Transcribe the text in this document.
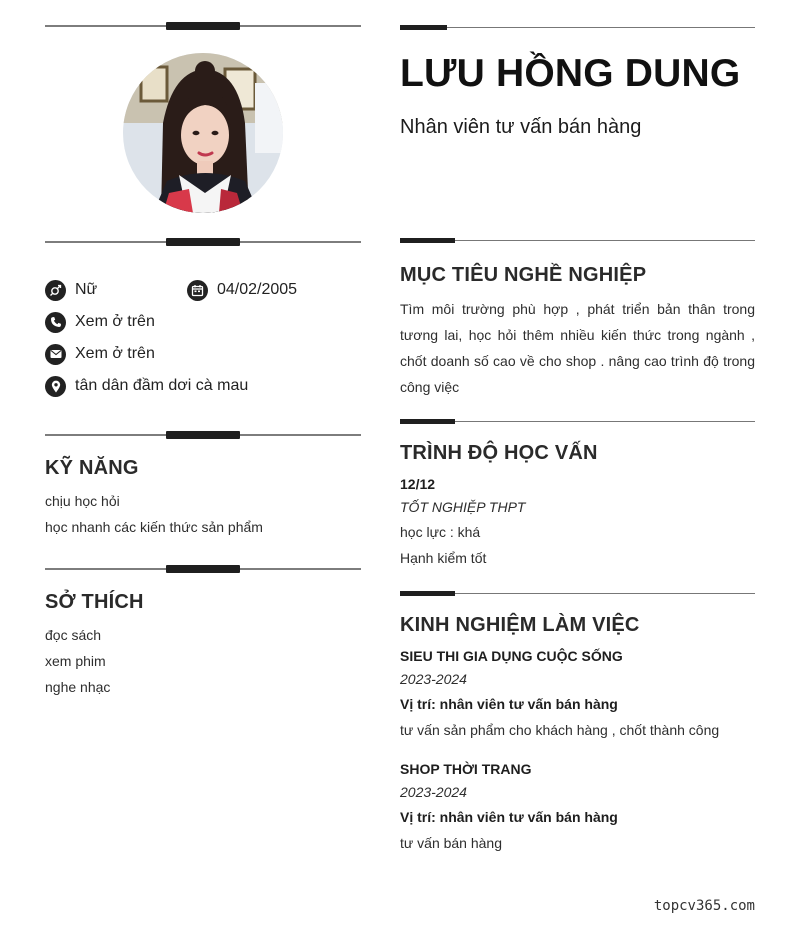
LƯU HỒNG DUNG
Nhân viên tư vấn bán hàng
Nữ	04/02/2005
Xem ở trên
Xem ở trên
tân dân đầm dơi cà mau
KỸ NĂNG
chịu học hỏi
học nhanh các kiến thức sản phẩm
SỞ THÍCH
đọc sách
xem phim
nghe nhạc
MỤC TIÊU NGHỀ NGHIỆP

Tìm môi trường phù hợp , phát triển bản thân trong tương lai, học hỏi thêm nhiều kiến thức trong ngành , chốt doanh số cao về cho shop . nâng cao trình độ trong công việc

TRÌNH ĐỘ HỌC VẤN
12/12
TỐT NGHIỆP THPT
học lực : khá
Hạnh kiểm tốt
KINH NGHIỆM LÀM VIỆC
SIEU THI GIA DỤNG CUỘC SỐNG
2023-2024
Vị trí: nhân viên tư vấn bán hàng
tư vấn sản phẩm cho khách hàng , chốt thành công
SHOP THỜI TRANG
2023-2024
Vị trí: nhân viên tư vấn bán hàng
tư vấn bán hàng
topcv365.com
